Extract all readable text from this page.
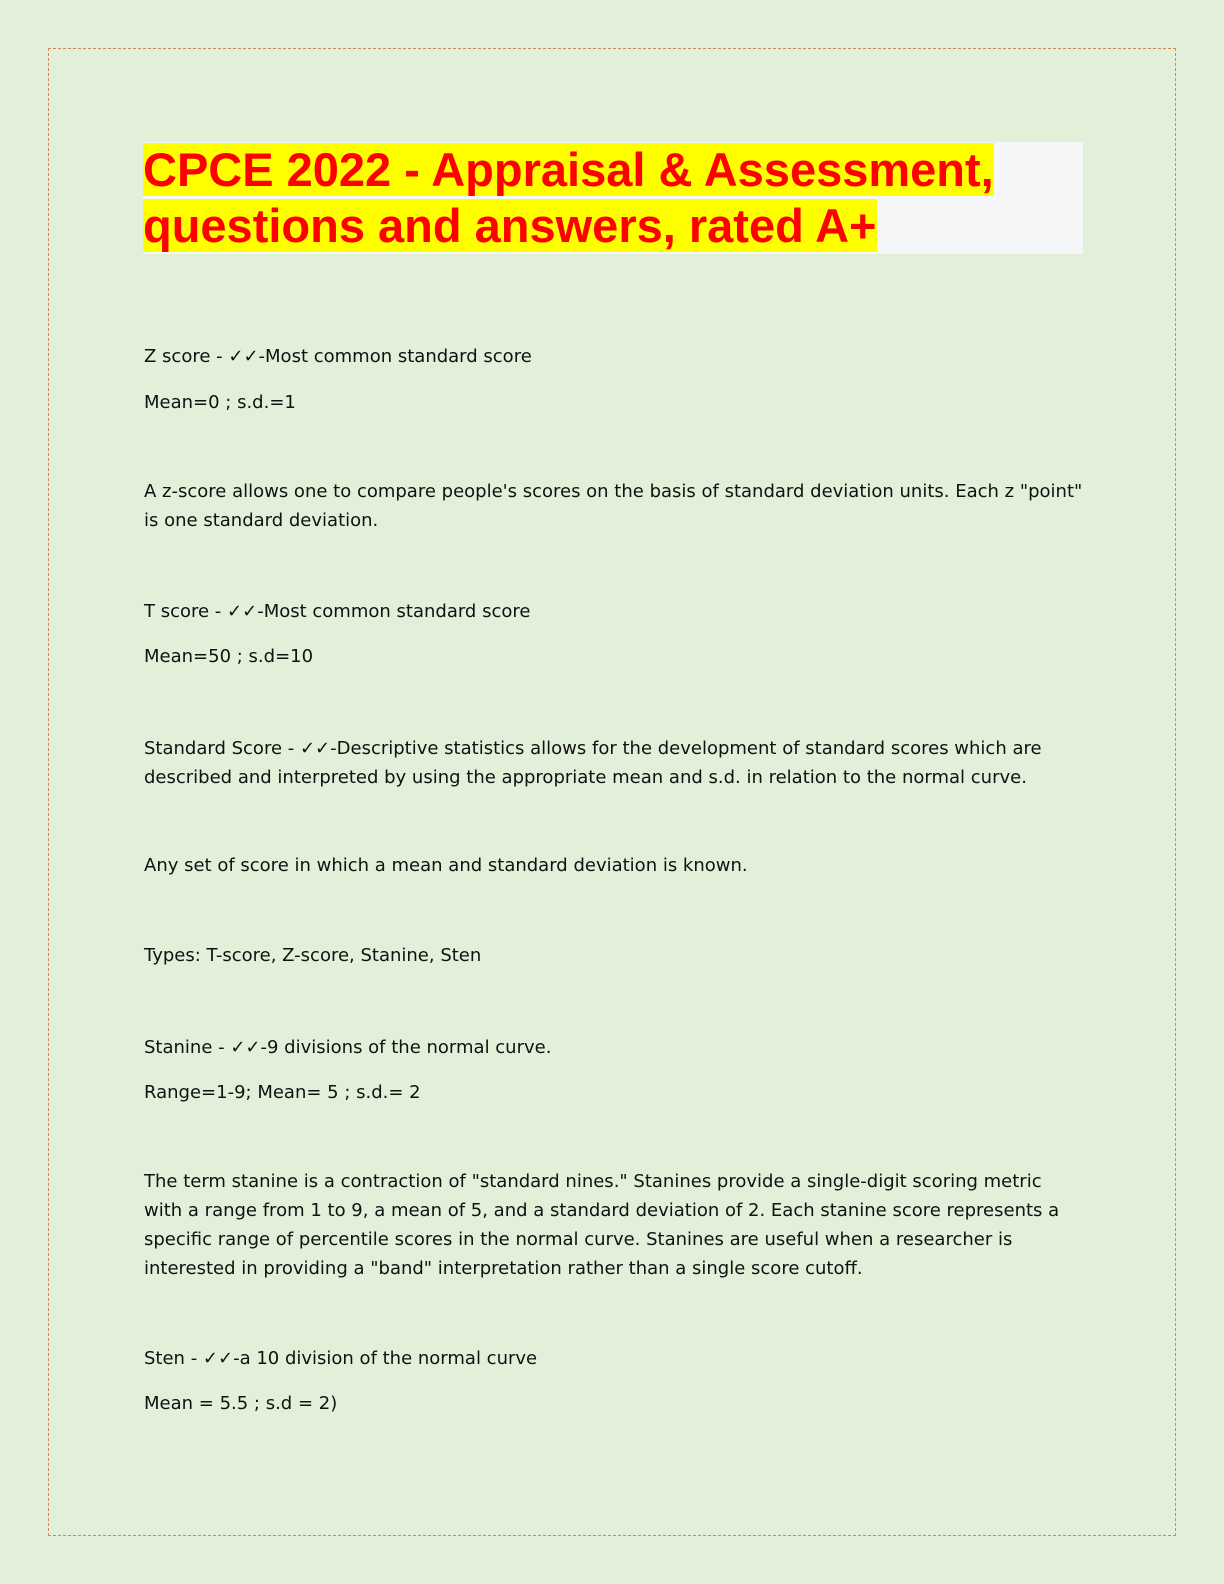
CPCE 2022 - Appraisal & Assessment,
questions and answers, rated A+

Z score - ✓✓-Most common standard score

Mean=0 ; s.d.=1

A z-score allows one to compare people's scores on the basis of standard deviation units. Each z "point" is one standard deviation.

T score - ✓✓-Most common standard score

Mean=50 ; s.d=10

Standard Score - ✓✓-Descriptive statistics allows for the development of standard scores which are described and interpreted by using the appropriate mean and s.d. in relation to the normal curve.

Any set of score in which a mean and standard deviation is known.

Types: T-score, Z-score, Stanine, Sten

Stanine - ✓✓-9 divisions of the normal curve.

Range=1-9; Mean= 5 ; s.d.= 2

The term stanine is a contraction of "standard nines." Stanines provide a single-digit scoring metric with a range from 1 to 9, a mean of 5, and a standard deviation of 2. Each stanine score represents a specific range of percentile scores in the normal curve. Stanines are useful when a researcher is interested in providing a "band" interpretation rather than a single score cutoff.

Sten - ✓✓-a 10 division of the normal curve

Mean = 5.5 ; s.d = 2)
